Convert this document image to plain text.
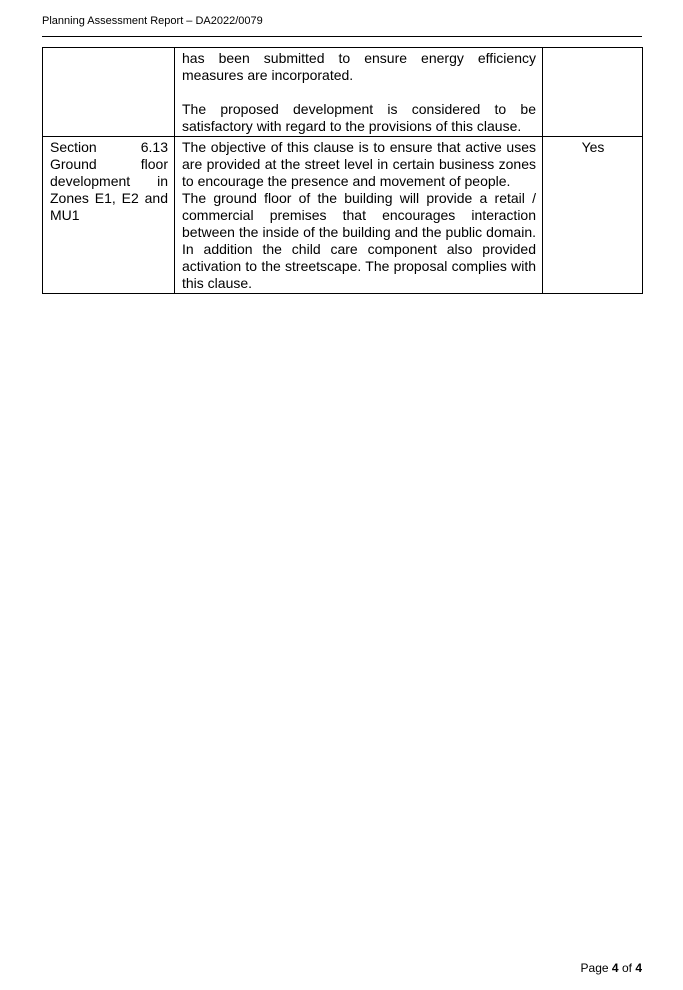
Planning Assessment Report – DA2022/0079

	has been submitted to ensure energy efficiency measures are incorporated.
The proposed development is considered to be satisfactory with regard to the provisions of this clause.	

Section 6.13 Ground floor development in Zones E1, E2 and MU1	The objective of this clause is to ensure that active uses are provided at the street level in certain business zones to encourage the presence and movement of people.
The ground floor of the building will provide a retail / commercial premises that encourages interaction between the inside of the building and the public domain. In addition the child care component also provided activation to the streetscape. The proposal complies with this clause.	Yes
Page 4 of 4
